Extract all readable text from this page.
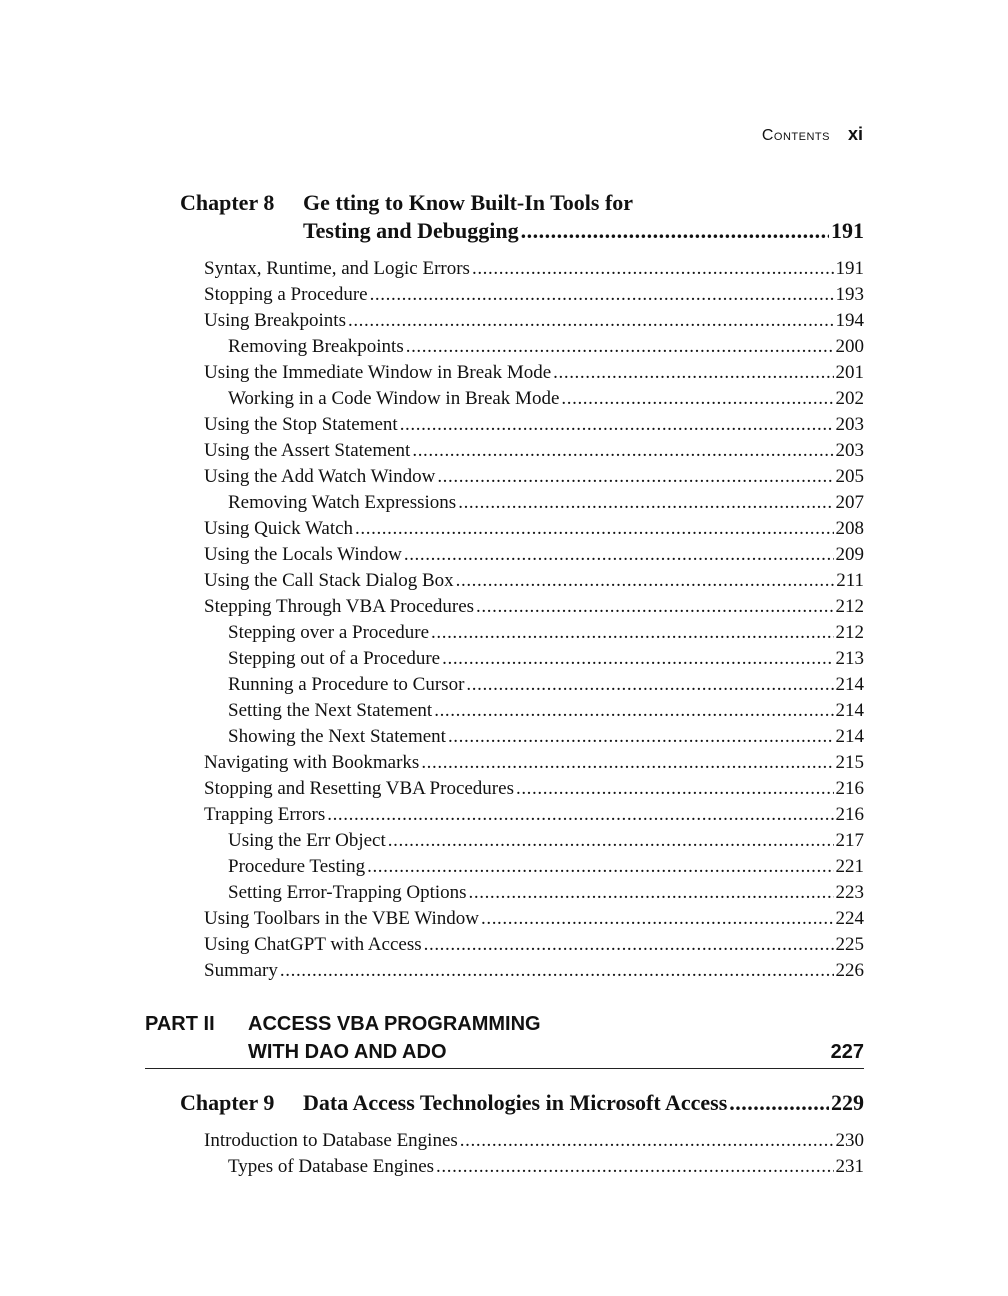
Contents xi
Chapter 8 Ge tting to Know Built-In Tools for
Testing and Debugging .....	191
Syntax, Runtime, and Logic Errors .....	191
Stopping a Procedure .....	193
Using Breakpoints .....	194
Removing Breakpoints .....	200
Using the Immediate Window in Break Mode .....	201
Working in a Code Window in Break Mode .....	202
Using the Stop Statement .....	203
Using the Assert Statement .....	203
Using the Add Watch Window .....	205
Removing Watch Expressions .....	207
Using Quick Watch .....	208
Using the Locals Window .....	209
Using the Call Stack Dialog Box .....	211
Stepping Through VBA Procedures .....	212
Stepping over a Procedure .....	212
Stepping out of a Procedure .....	213
Running a Procedure to Cursor .....	214
Setting the Next Statement .....	214
Showing the Next Statement .....	214
Navigating with Bookmarks .....	215
Stopping and Resetting VBA Procedures .....	216
Trapping Errors .....	216
Using the Err Object .....	217
Procedure Testing .....	221
Setting Error-Trapping Options .....	223
Using Toolbars in the VBE Window .....	224
Using ChatGPT with Access .....	225
Summary .....	226
PART II ACCESS VBA PROGRAMMING
WITH DAO AND ADO	227
Chapter 9 Data Access Technologies in Microsoft Access .....	229
Introduction to Database Engines .....	230
Types of Database Engines .....	231
